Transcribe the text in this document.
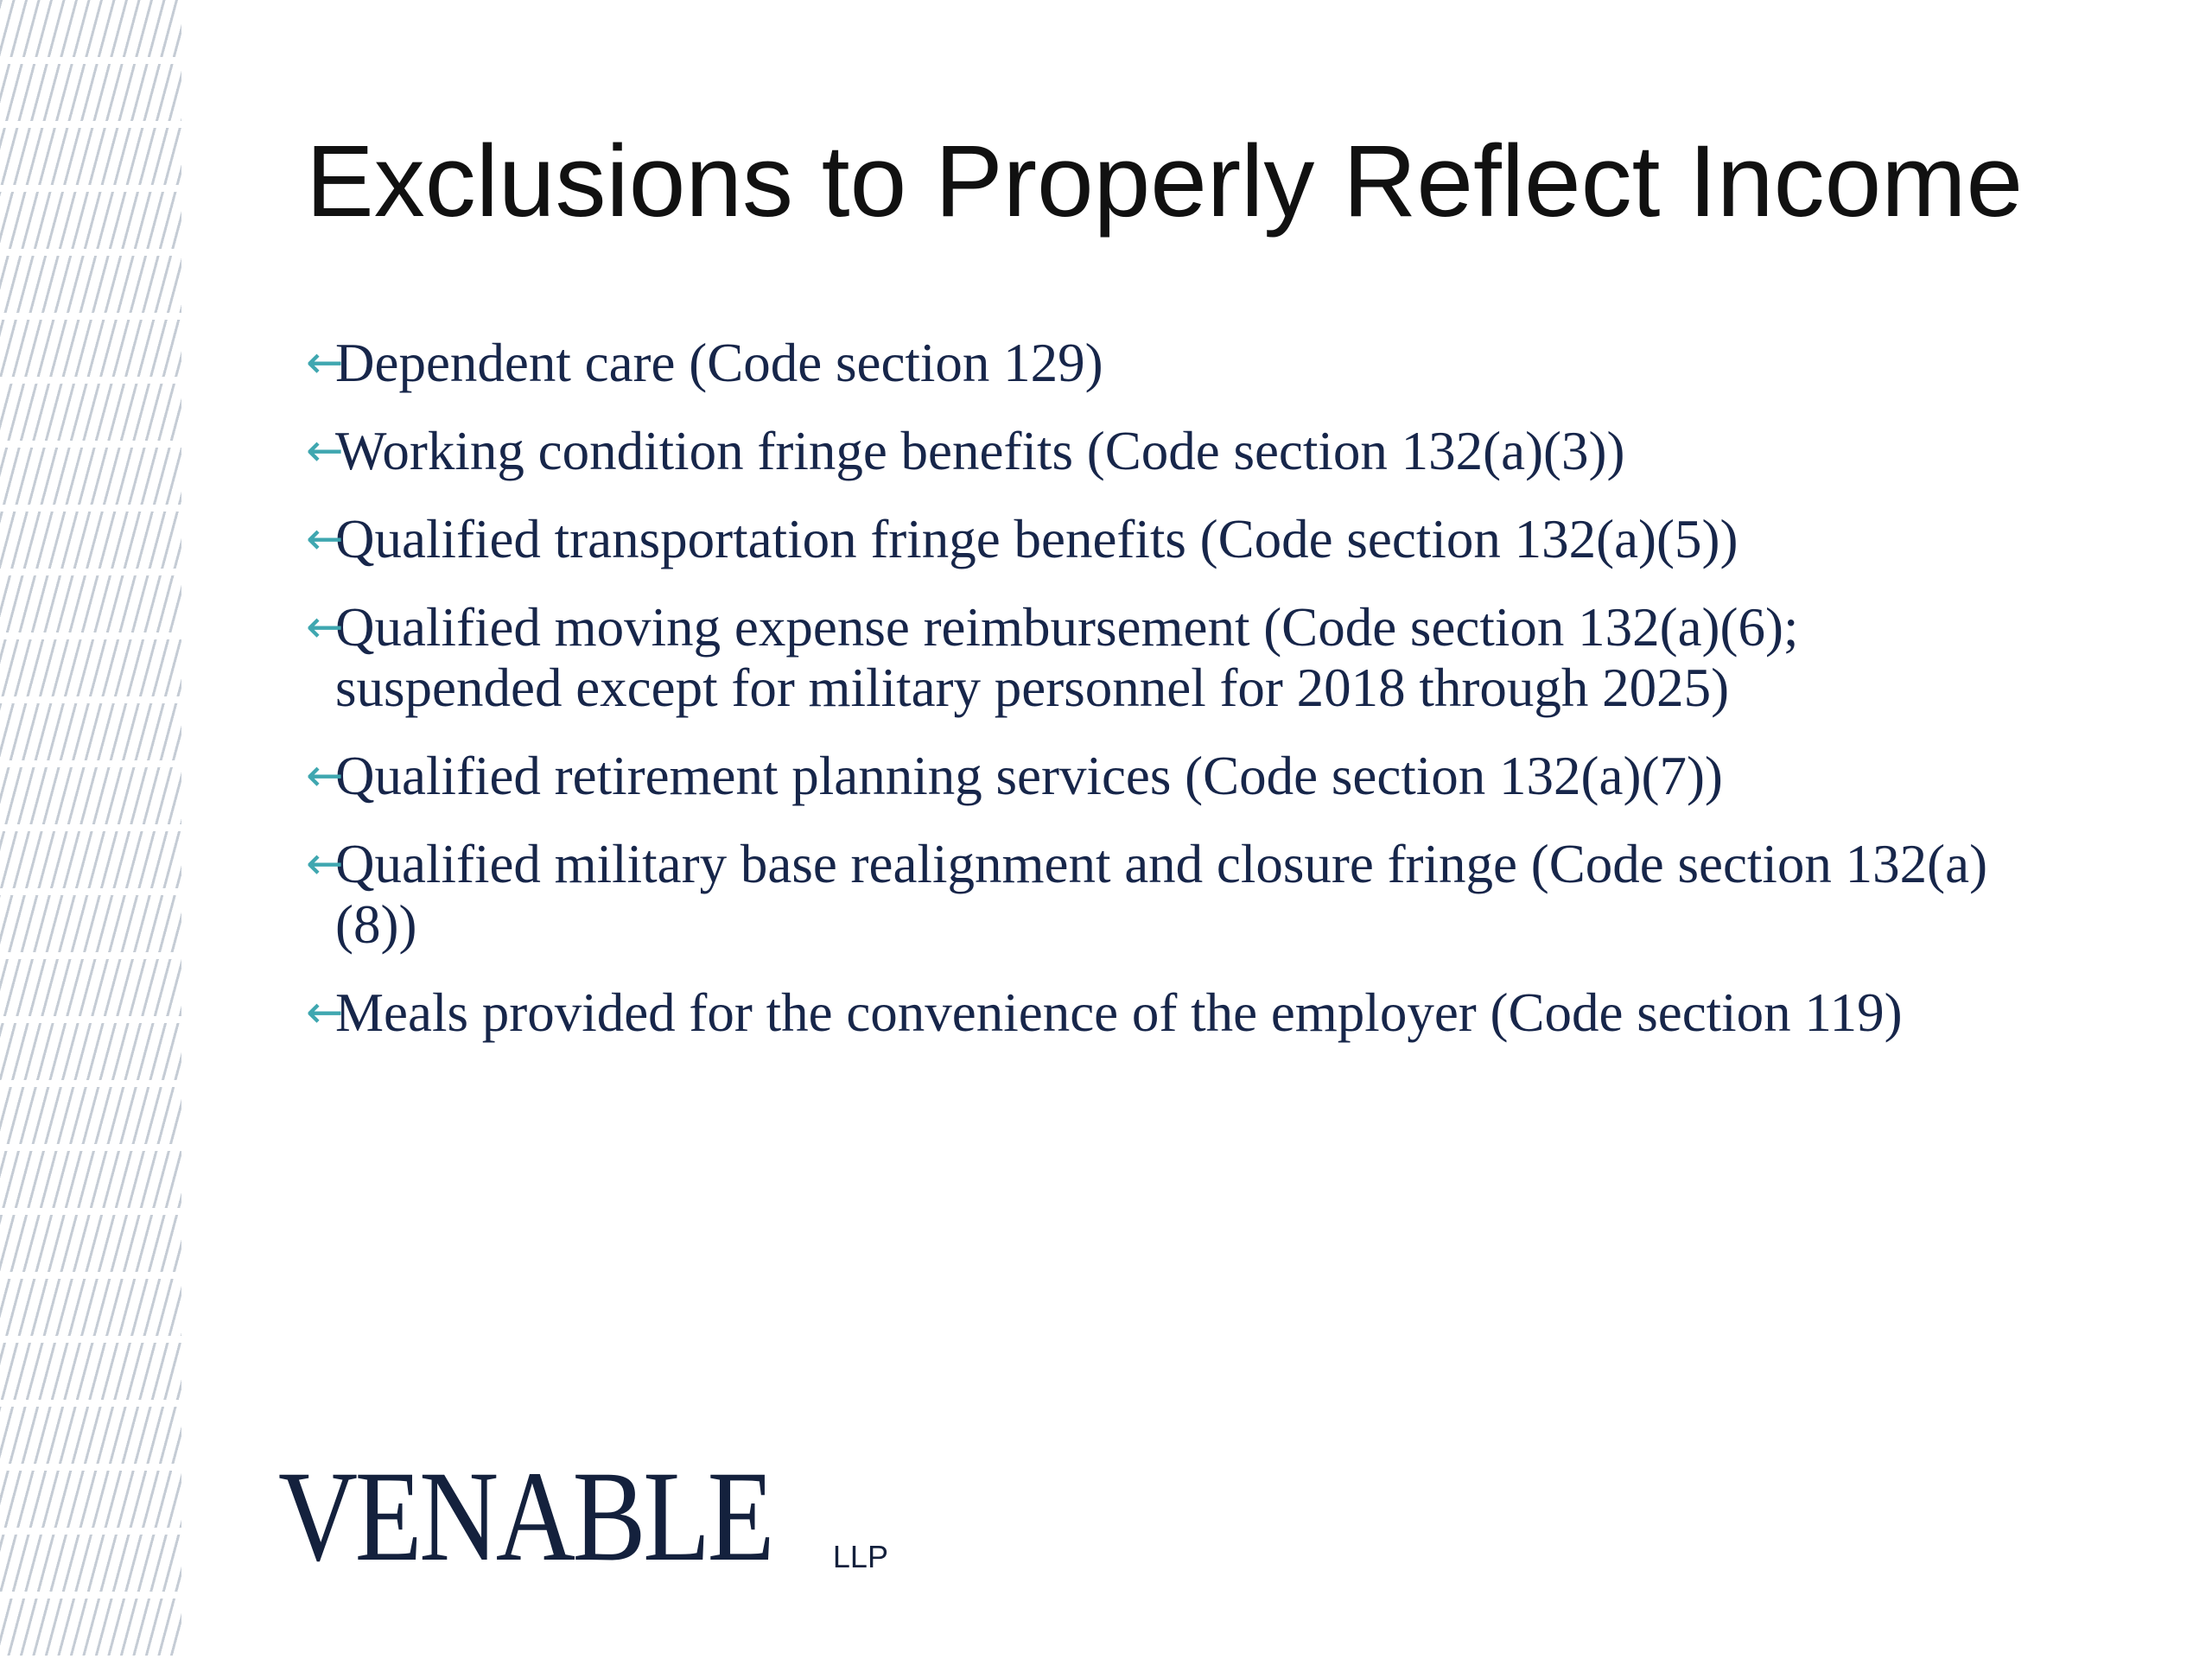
Exclusions to Properly Reflect Income
←
Dependent care (Code section 129)
←
Working condition fringe benefits (Code section 132(a)(3))
←
Qualified transportation fringe benefits (Code section 132(a)(5))
←
Qualified moving expense reimbursement (Code section 132(a)(6); suspended except for military personnel for 2018 through 2025)
←
Qualified retirement planning services (Code section 132(a)(7))
←
Qualified military base realignment and closure fringe (Code section 132(a)(8))
←
Meals provided for the convenience of the employer (Code section 119)
VENABLE LLP
